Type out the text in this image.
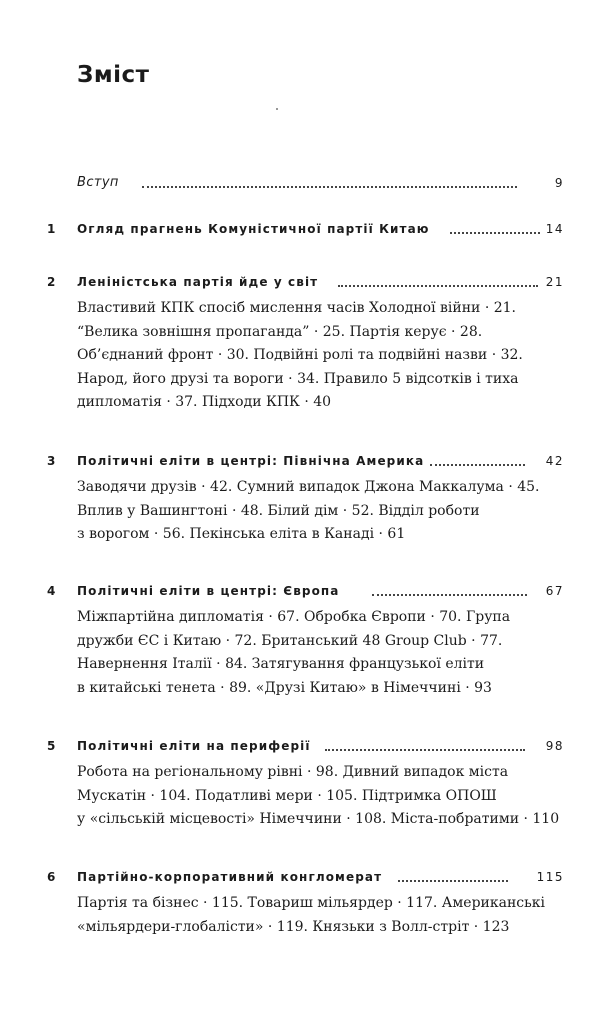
Зміст
Вступ	9
1 Огляд прагнень Комуністичної партії Китаю	14
2 Ленiнiстська партiя йде у свiт	21
Властивий КПК спосіб мислення часів Холодної війни · 21.
“Велика зовнішня пропаганда” · 25. Партія керує · 28.
Об’єднаний фронт · 30. Подвійні ролі та подвійні назви · 32.
Народ, його друзі та вороги · 34. Правило 5 відсотків і тиха
дипломатія · 37. Підходи КПК · 40
3 Полiтичнi елiти в центрi: Пiвнiчна Америка	42
Заводячи друзів · 42. Сумний випадок Джона Маккалума · 45.
Вплив у Вашингтоні · 48. Білий дім · 52. Відділ роботи
з ворогом · 56. Пекінська еліта в Канаді · 61
4 Полiтичнi елiти в центрi: Європа	67
Міжпартійна дипломатія · 67. Обробка Європи · 70. Група
дружби ЄС і Китаю · 72. Британський 48 Group Club · 77.
Навернення Італії · 84. Затягування французької еліти
в китайські тенета · 89. «Друзі Китаю» в Німеччині · 93
5 Полiтичнi елiти на перифeрiї	98
Робота на регіональному рівні · 98. Дивний випадок міста
Мускатін · 104. Податливі мери · 105. Підтримка ОПОШ
у «сільській місцевості» Німеччини · 108. Міста-побратими · 110
6 Партiйно-корпоративний конгломерат	115
Партія та бізнес · 115. Товариш мільярдер · 117. Американські
«мільярдери-глобалісти» · 119. Князьки з Волл-стріт · 123
